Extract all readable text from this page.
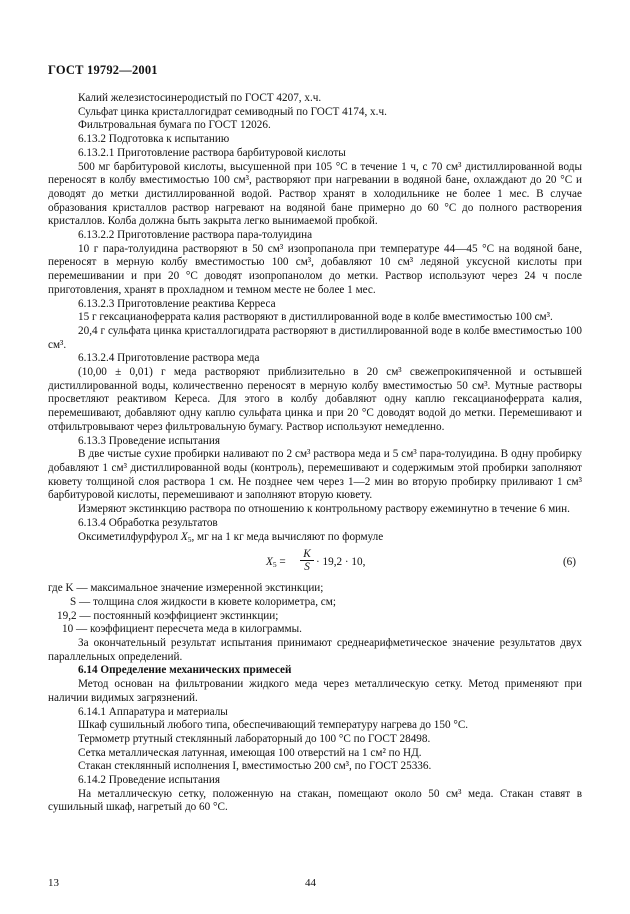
ГОСТ 19792—2001

Калий железистосинеродистый по ГОСТ 4207, х.ч.

Сульфат цинка кристаллогидрат семиводный по ГОСТ 4174, х.ч.

Фильтровальная бумага по ГОСТ 12026.

6.13.2 Подготовка к испытанию

6.13.2.1 Приготовление раствора барбитуровой кислоты

500 мг барбитуровой кислоты, высушенной при 105 °С в течение 1 ч, с 70 см³ дистиллированной воды переносят в колбу вместимостью 100 см³, растворяют при нагревании в водяной бане, охлаждают до 20 °С и доводят до метки дистиллированной водой. Раствор хранят в холодильнике не более 1 мес. В случае образования кристаллов раствор нагревают на водяной бане примерно до 60 °С до полного растворения кристаллов. Колба должна быть закрыта легко вынимаемой пробкой.

6.13.2.2 Приготовление раствора пара-толуидина

10 г пара-толуидина растворяют в 50 см³ изопропанола при температуре 44—45 °С на водяной бане, переносят в мерную колбу вместимостью 100 см³, добавляют 10 см³ ледяной уксусной кислоты при перемешивании и при 20 °С доводят изопропанолом до метки. Раствор используют через 24 ч после приготовления, хранят в прохладном и темном месте не более 1 мес.

6.13.2.3 Приготовление реактива Керреса

15 г гексацианоферрата калия растворяют в дистиллированной воде в колбе вместимостью 100 см³.

20,4 г сульфата цинка кристаллогидрата растворяют в дистиллированной воде в колбе вместимостью 100 см³.

6.13.2.4 Приготовление раствора меда

(10,00 ± 0,01) г меда растворяют приблизительно в 20 см³ свежепрокипяченной и остывшей дистиллированной воды, количественно переносят в мерную колбу вместимостью 50 см³. Мутные растворы просветляют реактивом Кереса. Для этого в колбу добавляют одну каплю гексацианоферрата калия, перемешивают, добавляют одну каплю сульфата цинка и при 20 °С доводят водой до метки. Перемешивают и отфильтровывают через фильтровальную бумагу. Раствор используют немедленно.

6.13.3 Проведение испытания

В две чистые сухие пробирки наливают по 2 см³ раствора меда и 5 см³ пара-толуидина. В одну пробирку добавляют 1 см³ дистиллированной воды (контроль), перемешивают и содержимым этой пробирки заполняют кювету толщиной слоя раствора 1 см. Не позднее чем через 1—2 мин во вторую пробирку приливают 1 см³ барбитуровой кислоты, перемешивают и заполняют вторую кювету.

Измеряют экстинкцию раствора по отношению к контрольному раствору ежеминутно в течение 6 мин.

6.13.4 Обработка результатов

Оксиметилфурфурол $X_5$, мг на 1 кг меда вычисляют по формуле

$X_5 = \frac{K}{S} \cdot 19,2 \cdot 10$,	(6)

где K — максимальное значение измеренной экстинкции;

S — толщина слоя жидкости в кювете колориметра, см;

19,2 — постоянный коэффициент экстинкции;

10 — коэффициент пересчета меда в килограммы.

За окончательный результат испытания принимают среднеарифметическое значение результатов двух параллельных определений.

6.14 Определение механических примесей

Метод основан на фильтровании жидкого меда через металлическую сетку. Метод применяют при наличии видимых загрязнений.

6.14.1 Аппаратура и материалы

Шкаф сушильный любого типа, обеспечивающий температуру нагрева до 150 °С.

Термометр ртутный стеклянный лабораторный до 100 °С по ГОСТ 28498.

Сетка металлическая латунная, имеющая 100 отверстий на 1 см² по НД.

Стакан стеклянный исполнения I, вместимостью 200 см³, по ГОСТ 25336.

6.14.2 Проведение испытания

На металлическую сетку, положенную на стакан, помещают около 50 см³ меда. Стакан ставят в сушильный шкаф, нагретый до 60 °С.

13	44
